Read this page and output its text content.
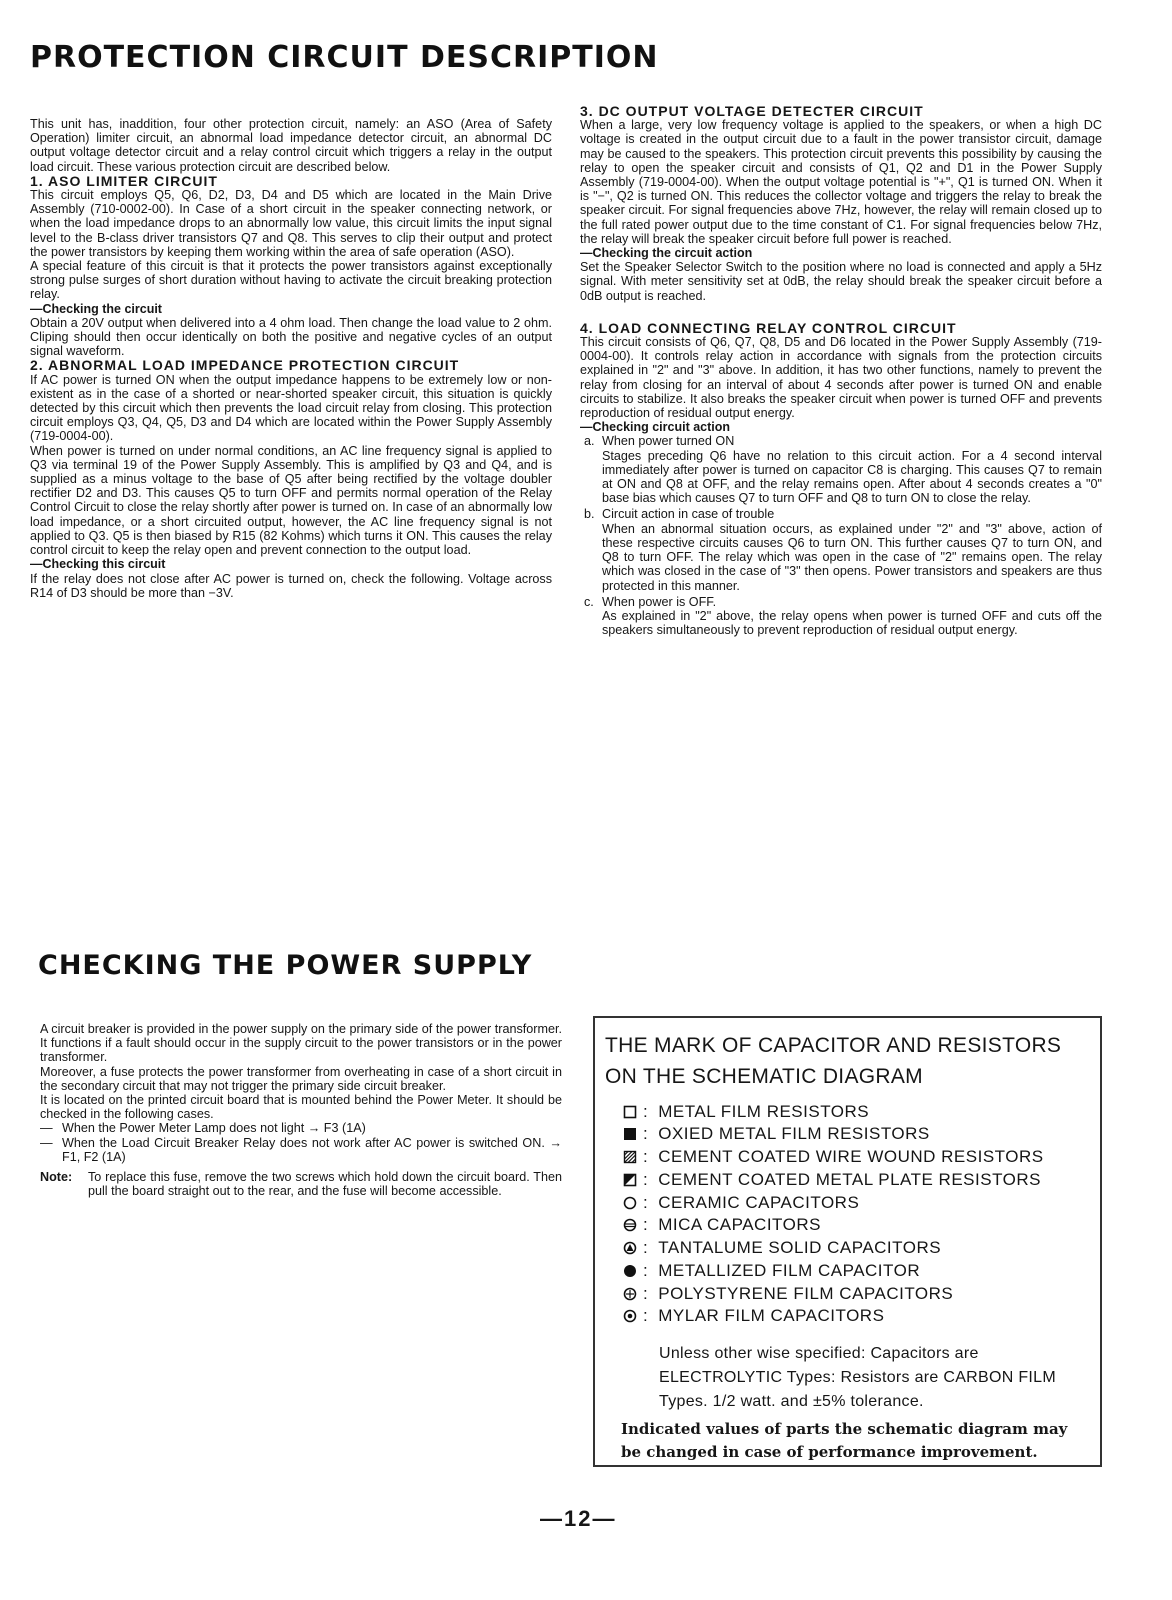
PROTECTION CIRCUIT DESCRIPTION

This unit has, inaddition, four other protection circuit, namely: an ASO (Area of Safety Operation) limiter circuit, an abnormal load impedance detector circuit, an abnormal DC output voltage detector circuit and a relay control circuit which triggers a relay in the output load circuit. These various protection circuit are described below.

1. ASO LIMITER CIRCUIT

This circuit employs Q5, Q6, D2, D3, D4 and D5 which are located in the Main Drive Assembly (710-0002-00). In Case of a short circuit in the speaker connecting network, or when the load impedance drops to an abnormally low value, this circuit limits the input signal level to the B-class driver transistors Q7 and Q8. This serves to clip their output and protect the power transistors by keeping them working within the area of safe operation (ASO).

A special feature of this circuit is that it protects the power transistors against exceptionally strong pulse surges of short duration without having to activate the circuit breaking protection relay.

—Checking the circuit

Obtain a 20V output when delivered into a 4 ohm load. Then change the load value to 2 ohm. Cliping should then occur identically on both the positive and negative cycles of an output signal waveform.

2. ABNORMAL LOAD IMPEDANCE PROTECTION CIRCUIT

If AC power is turned ON when the output impedance happens to be extremely low or non-existent as in the case of a shorted or near-shorted speaker circuit, this situation is quickly detected by this circuit which then prevents the load circuit relay from closing. This protection circuit employs Q3, Q4, Q5, D3 and D4 which are located within the Power Supply Assembly (719-0004-00).

When power is turned on under normal conditions, an AC line frequency signal is applied to Q3 via terminal 19 of the Power Supply Assembly. This is amplified by Q3 and Q4, and is supplied as a minus voltage to the base of Q5 after being rectified by the voltage doubler rectifier D2 and D3. This causes Q5 to turn OFF and permits normal operation of the Relay Control Circuit to close the relay shortly after power is turned on. In case of an abnormally low load impedance, or a short circuited output, however, the AC line frequency signal is not applied to Q3. Q5 is then biased by R15 (82 Kohms) which turns it ON. This causes the relay control circuit to keep the relay open and prevent connection to the output load.

—Checking this circuit

If the relay does not close after AC power is turned on, check the following. Voltage across R14 of D3 should be more than −3V.

3. DC OUTPUT VOLTAGE DETECTER CIRCUIT

When a large, very low frequency voltage is applied to the speakers, or when a high DC voltage is created in the output circuit due to a fault in the power transistor circuit, damage may be caused to the speakers. This protection circuit prevents this possibility by causing the relay to open the speaker circuit and consists of Q1, Q2 and D1 in the Power Supply Assembly (719-0004-00). When the output voltage potential is "+", Q1 is turned ON. When it is "−", Q2 is turned ON. This reduces the collector voltage and triggers the relay to break the speaker circuit. For signal frequencies above 7Hz, however, the relay will remain closed up to the full rated power output due to the time constant of C1. For signal frequencies below 7Hz, the relay will break the speaker circuit before full power is reached.

—Checking the circuit action

Set the Speaker Selector Switch to the position where no load is connected and apply a 5Hz signal. With meter sensitivity set at 0dB, the relay should break the speaker circuit before a 0dB output is reached.

4. LOAD CONNECTING RELAY CONTROL CIRCUIT

This circuit consists of Q6, Q7, Q8, D5 and D6 located in the Power Supply Assembly (719-0004-00). It controls relay action in accordance with signals from the protection circuits explained in "2" and "3" above. In addition, it has two other functions, namely to prevent the relay from closing for an interval of about 4 seconds after power is turned ON and enable circuits to stabilize. It also breaks the speaker circuit when power is turned OFF and prevents reproduction of residual output energy.

—Checking circuit action

a. When power turned ON

Stages preceding Q6 have no relation to this circuit action. For a 4 second interval immediately after power is turned on capacitor C8 is charging. This causes Q7 to remain at ON and Q8 at OFF, and the relay remains open. After about 4 seconds creates a "0" base bias which causes Q7 to turn OFF and Q8 to turn ON to close the relay.

b. Circuit action in case of trouble

When an abnormal situation occurs, as explained under "2" and "3" above, action of these respective circuits causes Q6 to turn ON. This further causes Q7 to turn ON, and Q8 to turn OFF. The relay which was open in the case of "2" remains open. The relay which was closed in the case of "3" then opens. Power transistors and speakers are thus protected in this manner.

c. When power is OFF.

As explained in "2" above, the relay opens when power is turned OFF and cuts off the speakers simultaneously to prevent reproduction of residual output energy.

CHECKING THE POWER SUPPLY

A circuit breaker is provided in the power supply on the primary side of the power transformer. It functions if a fault should occur in the supply circuit to the power transistors or in the power transformer.

Moreover, a fuse protects the power transformer from overheating in case of a short circuit in the secondary circuit that may not trigger the primary side circuit breaker.

It is located on the printed circuit board that is mounted behind the Power Meter. It should be checked in the following cases.

— When the Power Meter Lamp does not light → F3 (1A)
— When the Load Circuit Breaker Relay does not work after AC power is switched ON. → F1, F2 (1A)
Note:	To replace this fuse, remove the two screws which hold down the circuit board. Then pull the board straight out to the rear, and the fuse will become accessible.
THE MARK OF CAPACITOR AND RESISTORS ON THE SCHEMATIC DIAGRAM
: METAL FILM RESISTORS
: OXIED METAL FILM RESISTORS
: CEMENT COATED WIRE WOUND RESISTORS
: CEMENT COATED METAL PLATE RESISTORS
: CERAMIC CAPACITORS
: MICA CAPACITORS
: TANTALUME SOLID CAPACITORS
: METALLIZED FILM CAPACITOR
: POLYSTYRENE FILM CAPACITORS
: MYLAR FILM CAPACITORS
Unless other wise specified: Capacitors are ELECTROLYTIC Types: Resistors are CARBON FILM Types. 1/2 watt. and ±5% tolerance.
Indicated values of parts the schematic diagram may be changed in case of performance improvement.
—12—
